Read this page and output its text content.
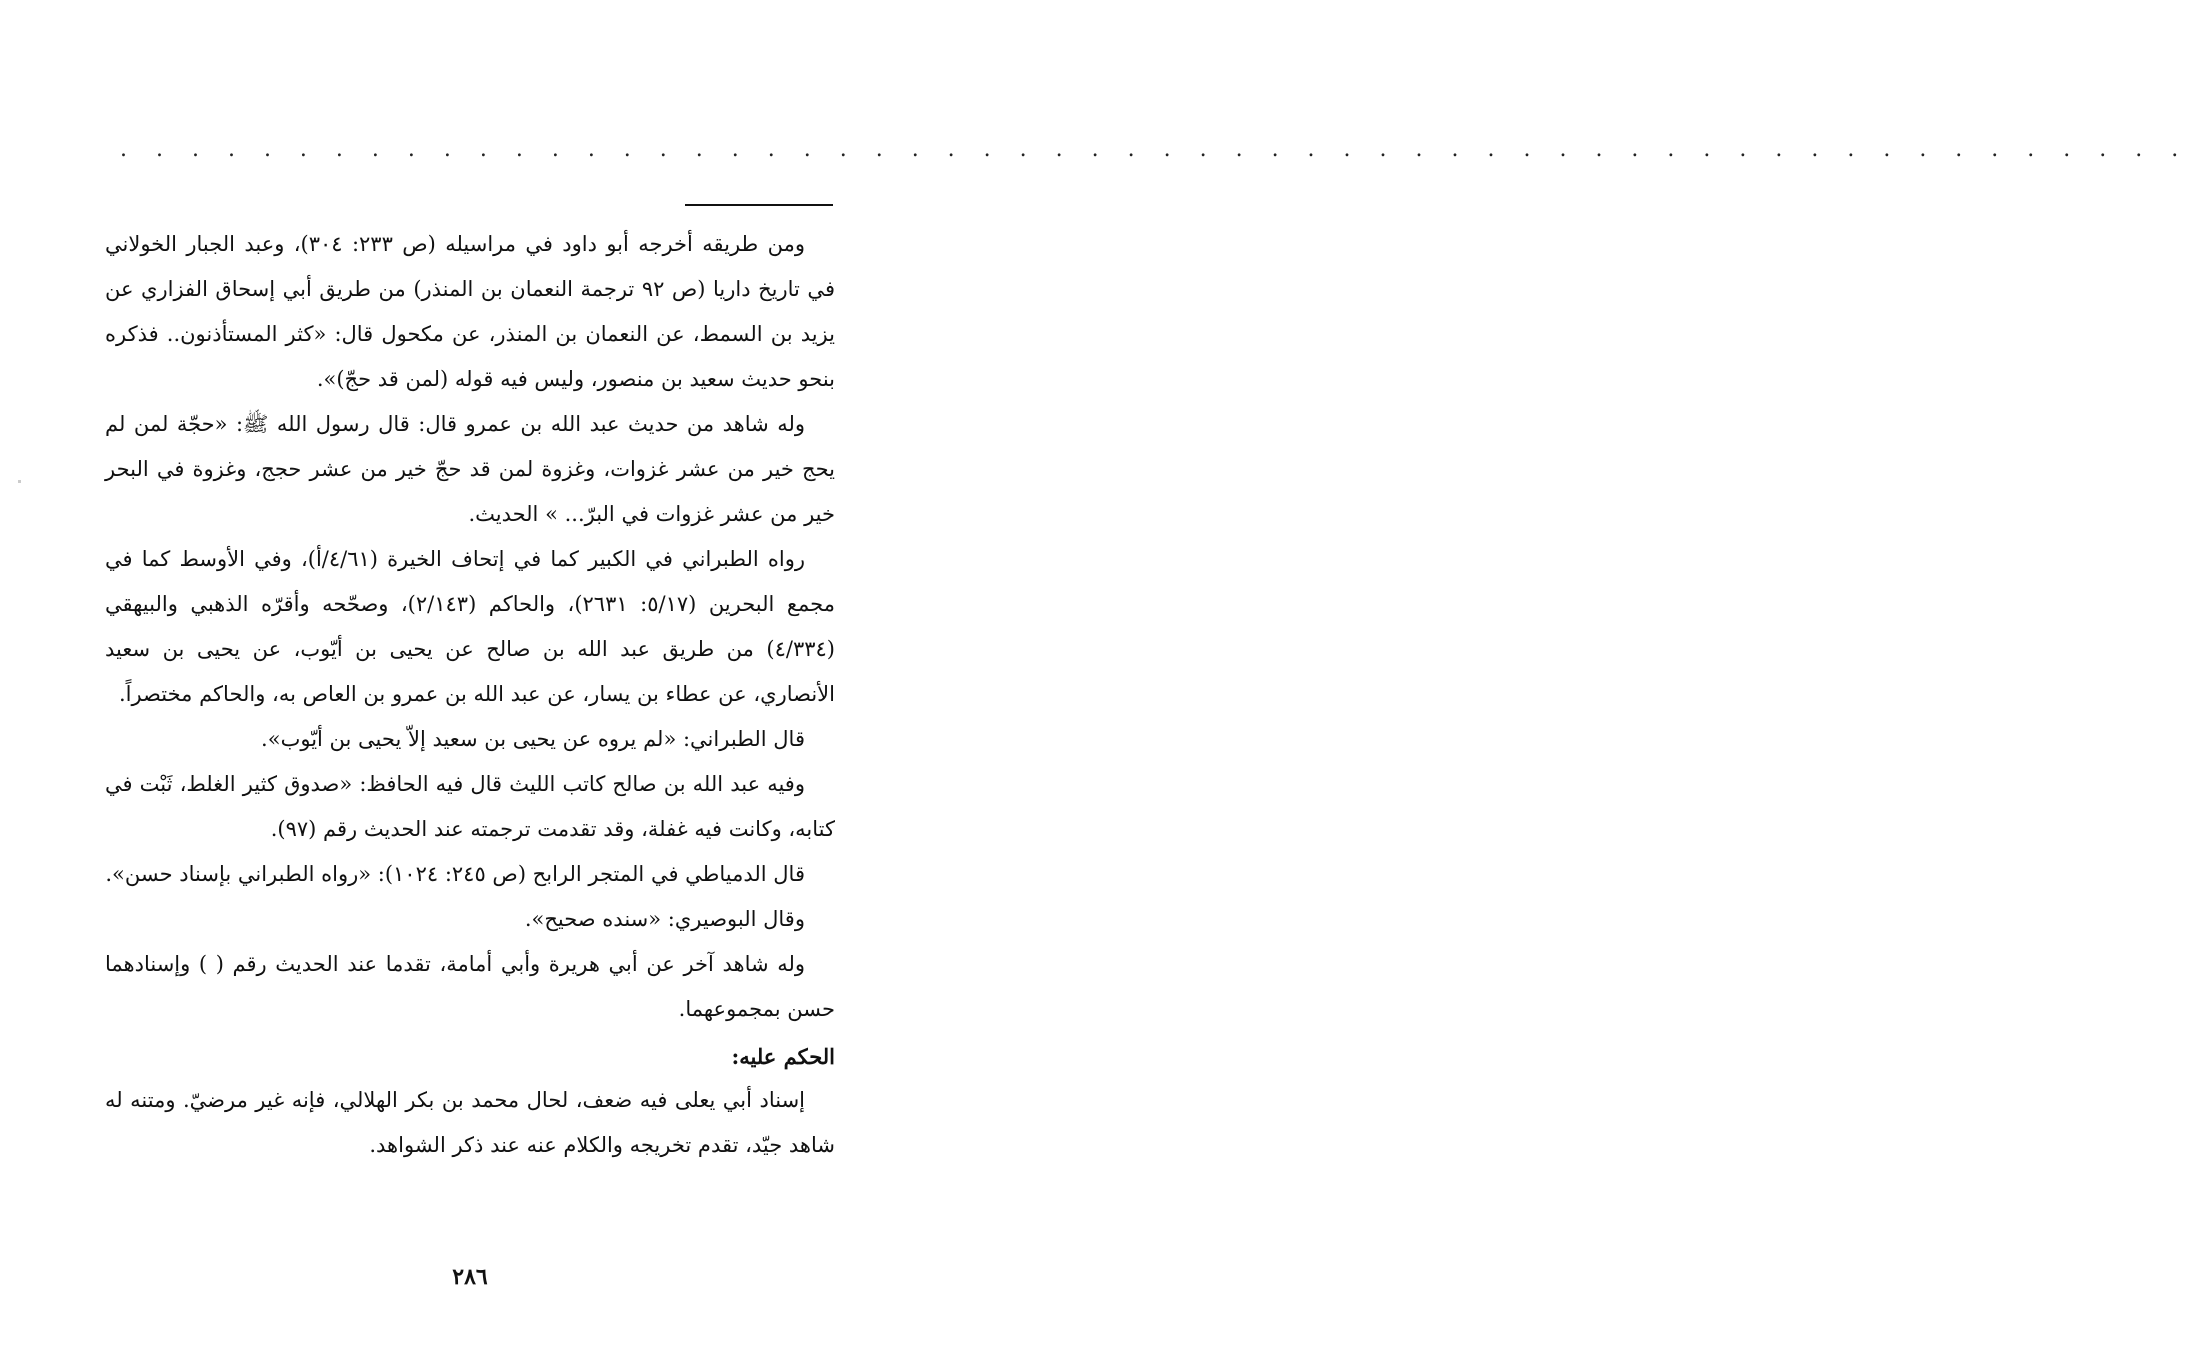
. . . . . . . . . . . . . . . . . . . . . . . . . . . . . . . . . . . . . . . . . . . . . . . . . . . . . . . . . .

ومن طريقه أخرجه أبو داود في مراسيله (ص ٢٣٣: ٣٠٤)، وعبد الجبار الخولاني في تاريخ داريا (ص ٩٢ ترجمة النعمان بن المنذر) من طريق أبي إسحاق الفزاري عن يزيد بن السمط، عن النعمان بن المنذر، عن مكحول قال: «كثر المستأذنون.. فذكره بنحو حديث سعيد بن منصور، وليس فيه قوله (لمن قد حجّ)».

وله شاهد من حديث عبد الله بن عمرو قال: قال رسول الله ﷺ: «حجّة لمن لم يحج خير من عشر غزوات، وغزوة لمن قد حجّ خير من عشر حجج، وغزوة في البحر خير من عشر غزوات في البرّ... » الحديث.

رواه الطبراني في الكبير كما في إتحاف الخيرة (٤/٦١/أ)، وفي الأوسط كما في مجمع البحرين (٥/١٧: ٢٦٣١)، والحاكم (٢/١٤٣)، وصحّحه وأقرّه الذهبي والبيهقي (٤/٣٣٤) من طريق عبد الله بن صالح عن يحيى بن أيّوب، عن يحيى بن سعيد الأنصاري، عن عطاء بن يسار، عن عبد الله بن عمرو بن العاص به، والحاكم مختصراً.

قال الطبراني: «لم يروه عن يحيى بن سعيد إلاّ يحيى بن أيّوب».

وفيه عبد الله بن صالح كاتب الليث قال فيه الحافظ: «صدوق كثير الغلط، ثَبْت في كتابه، وكانت فيه غفلة، وقد تقدمت ترجمته عند الحديث رقم (٩٧).

قال الدمياطي في المتجر الرابح (ص ٢٤٥: ١٠٢٤): «رواه الطبراني بإسناد حسن».

وقال البوصيري: «سنده صحيح».

وله شاهد آخر عن أبي هريرة وأبي أمامة، تقدما عند الحديث رقم ( ) وإسنادهما حسن بمجموعهما.

الحكم عليه:

إسناد أبي يعلى فيه ضعف، لحال محمد بن بكر الهلالي، فإنه غير مرضيّ. ومتنه له شاهد جيّد، تقدم تخريجه والكلام عنه عند ذكر الشواهد.

٢٨٦
